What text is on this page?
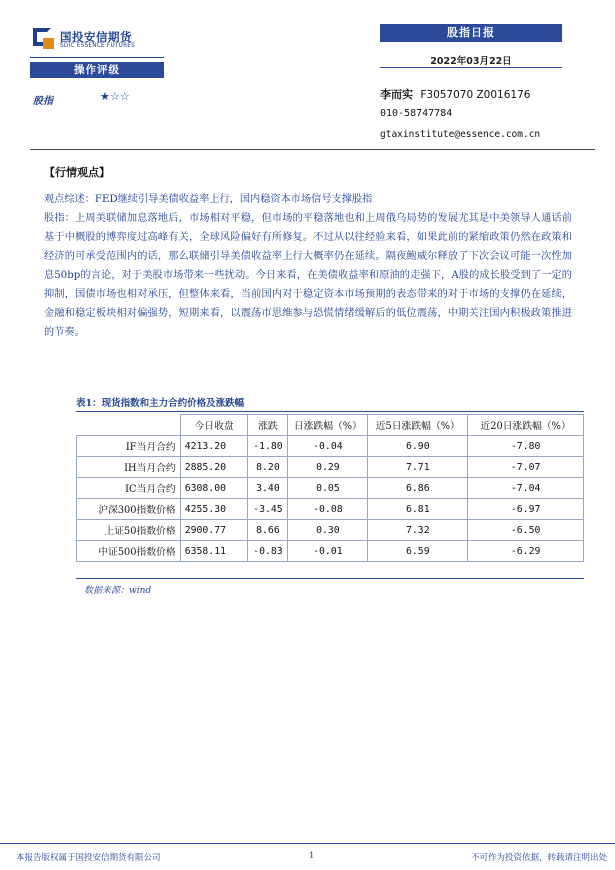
国投安信期货
SDIC ESSENCE FUTURES
股指日报
2022年03月22日
操作评级
股指	★☆☆	李而实 F3057070 Z0016176
010-58747784
gtaxinstitute@essence.com.cn
【行情观点】

观点综述：FED继续引导美债收益率上行，国内稳资本市场信号支撑股指

股指：上周美联储加息落地后，市场相对平稳，但市场的平稳落地也和上周俄乌局势的发展尤其是中美领导人通话前基于中概股的博弈度过高峰有关，全球风险偏好有所修复。不过从以往经验来看，如果此前的紧缩政策仍然在政策和经济的可承受范围内的话，那么联储引导美债收益率上行大概率仍在延续。隔夜鲍威尔释放了下次会议可能一次性加息50bp的言论，对于美股市场带来一些扰动。今日来看，在美债收益率和原油的走强下，A股的成长股受到了一定的抑制，国债市场也相对承压，但整体来看，当前国内对于稳定资本市场预期的表态带来的对于市场的支撑仍在延续，金融和稳定板块相对偏强势，短期来看，以震荡市思维参与恐慌情绪缓解后的低位震荡，中期关注国内积极政策推进的节奏。

表1：现货指数和主力合约价格及涨跌幅
	今日收盘	涨跌	日涨跌幅（%）	近5日涨跌幅（%）	近20日涨跌幅（%）
IF当月合约	4213.20	-1.80	-0.04	6.90	-7.80
IH当月合约	2885.20	8.20	0.29	7.71	-7.07
IC当月合约	6308.00	3.40	0.05	6.86	-7.04
沪深300指数价格	4255.30	-3.45	-0.08	6.81	-6.97
上证50指数价格	2900.77	8.66	0.30	7.32	-6.50
中证500指数价格	6358.11	-0.83	-0.01	6.59	-6.29
数据来源：wind
本报告版权属于国投安信期货有限公司	1	不可作为投资依据，转载请注明出处
